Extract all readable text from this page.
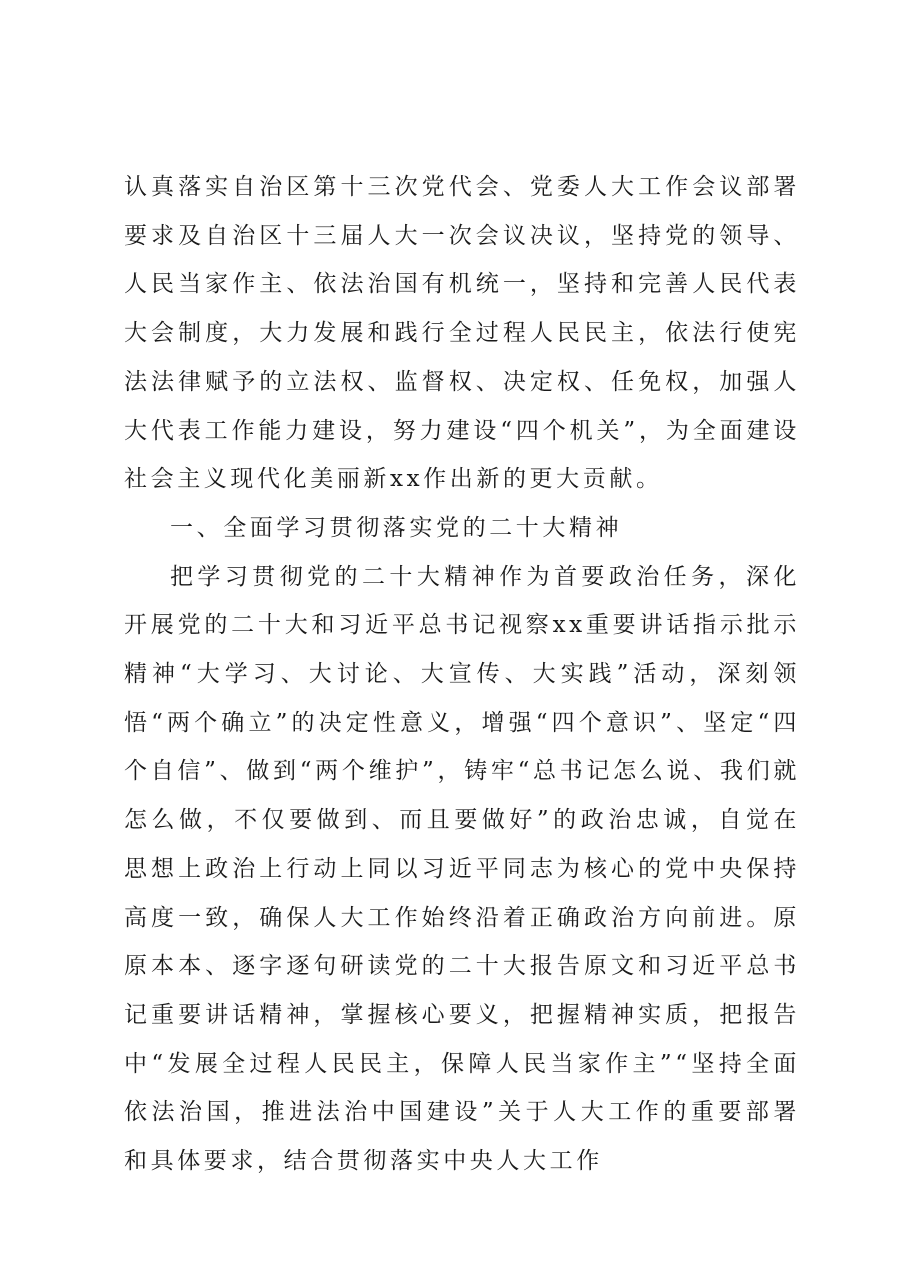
认真落实自治区第十三次党代会、党委人大工作会议部署要求及自治区十三届人大一次会议决议，坚持党的领导、人民当家作主、依法治国有机统一，坚持和完善人民代表大会制度，大力发展和践行全过程人民民主，依法行使宪法法律赋予的立法权、监督权、决定权、任免权，加强人大代表工作能力建设，努力建设“四个机关”，为全面建设社会主义现代化美丽新xx作出新的更大贡献。

一、全面学习贯彻落实党的二十大精神

把学习贯彻党的二十大精神作为首要政治任务，深化开展党的二十大和习近平总书记视察xx重要讲话指示批示精神“大学习、大讨论、大宣传、大实践”活动，深刻领悟“两个确立”的决定性意义，增强“四个意识”、坚定“四个自信”、做到“两个维护”，铸牢“总书记怎么说、我们就怎么做，不仅要做到、而且要做好”的政治忠诚，自觉在思想上政治上行动上同以习近平同志为核心的党中央保持高度一致，确保人大工作始终沿着正确政治方向前进。原原本本、逐字逐句研读党的二十大报告原文和习近平总书记重要讲话精神，掌握核心要义，把握精神实质，把报告中“发展全过程人民民主，保障人民当家作主”“坚持全面依法治国，推进法治中国建设”关于人大工作的重要部署和具体要求，结合贯彻落实中央人大工作
